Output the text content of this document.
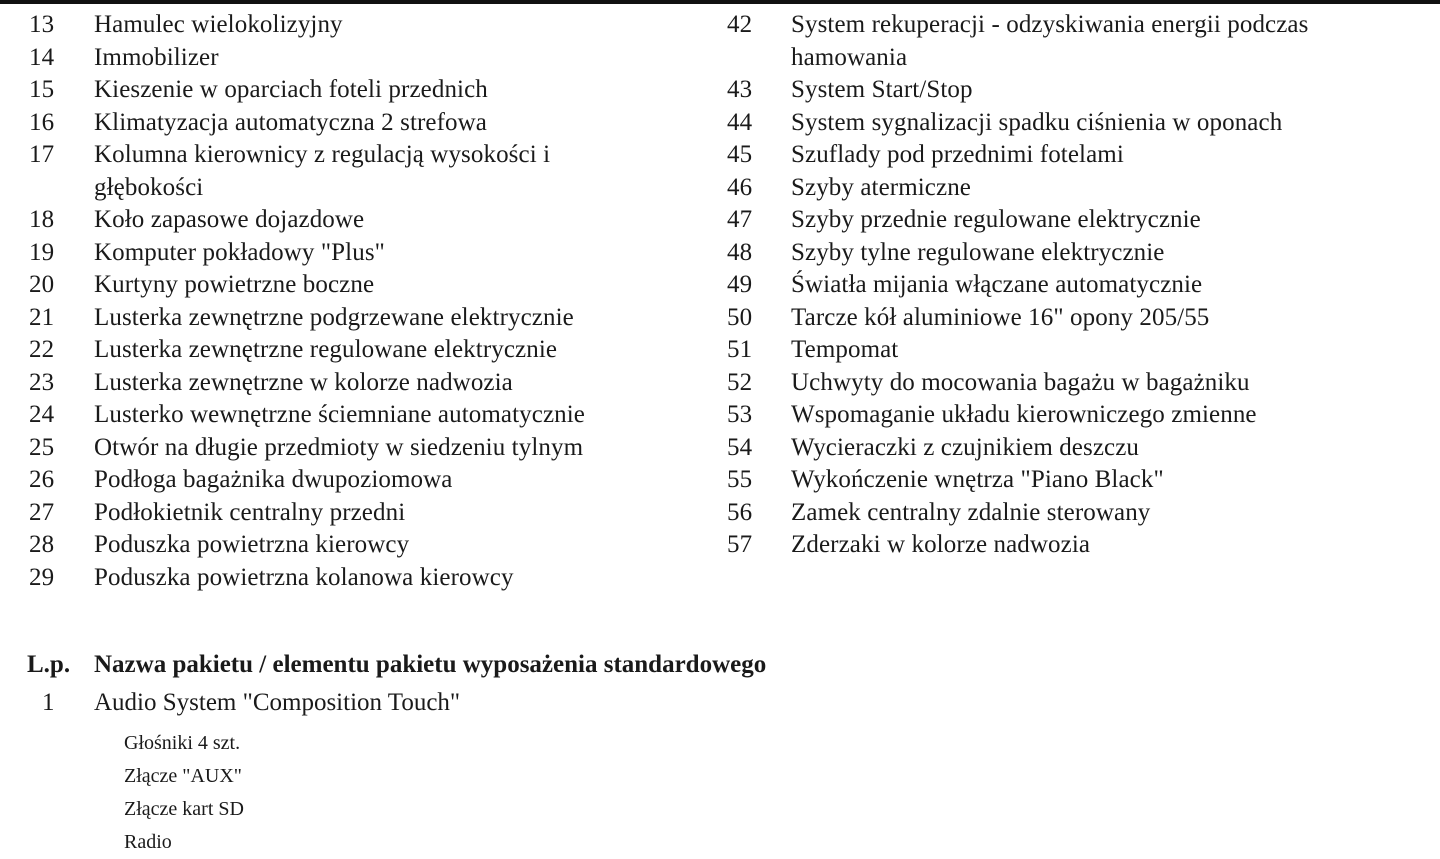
13	Hamulec wielokolizyjny

14	Immobilizer
15	Kieszenie w oparciach foteli przednich
16	Klimatyzacja automatyczna 2 strefowa
17	Kolumna kierownicy z regulacją wysokości i głębokości
18	Koło zapasowe dojazdowe
19	Komputer pokładowy "Plus"
20	Kurtyny powietrzne boczne
21	Lusterka zewnętrzne podgrzewane elektrycznie
22	Lusterka zewnętrzne regulowane elektrycznie
23	Lusterka zewnętrzne w kolorze nadwozia
24	Lusterko wewnętrzne ściemniane automatycznie
25	Otwór na długie przedmioty w siedzeniu tylnym
26	Podłoga bagażnika dwupoziomowa
27	Podłokietnik centralny przedni
28	Poduszka powietrzna kierowcy
29	Poduszka powietrzna kolanowa kierowcy
42	System rekuperacji - odzyskiwania energii podczas hamowania
43	System Start/Stop
44	System sygnalizacji spadku ciśnienia w oponach
45	Szuflady pod przednimi fotelami
46	Szyby atermiczne

47	Szyby przednie regulowane elektrycznie
48	Szyby tylne regulowane elektrycznie
49	Światła mijania włączane automatycznie
50	Tarcze kół aluminiowe 16" opony 205/55
51	Tempomat
52	Uchwyty do mocowania bagażu w bagażniku
53	Wspomaganie układu kierowniczego zmienne
54	Wycieraczki z czujnikiem deszczu
55	Wykończenie wnętrza "Piano Black"
56	Zamek centralny zdalnie sterowany
57	Zderzaki w kolorze nadwozia
L.p. Nazwa pakietu / elementu pakietu wyposażenia standardowego
1	Audio System "Composition Touch"
Głośniki 4 szt.
Złącze "AUX"
Złącze kart SD
Radio
